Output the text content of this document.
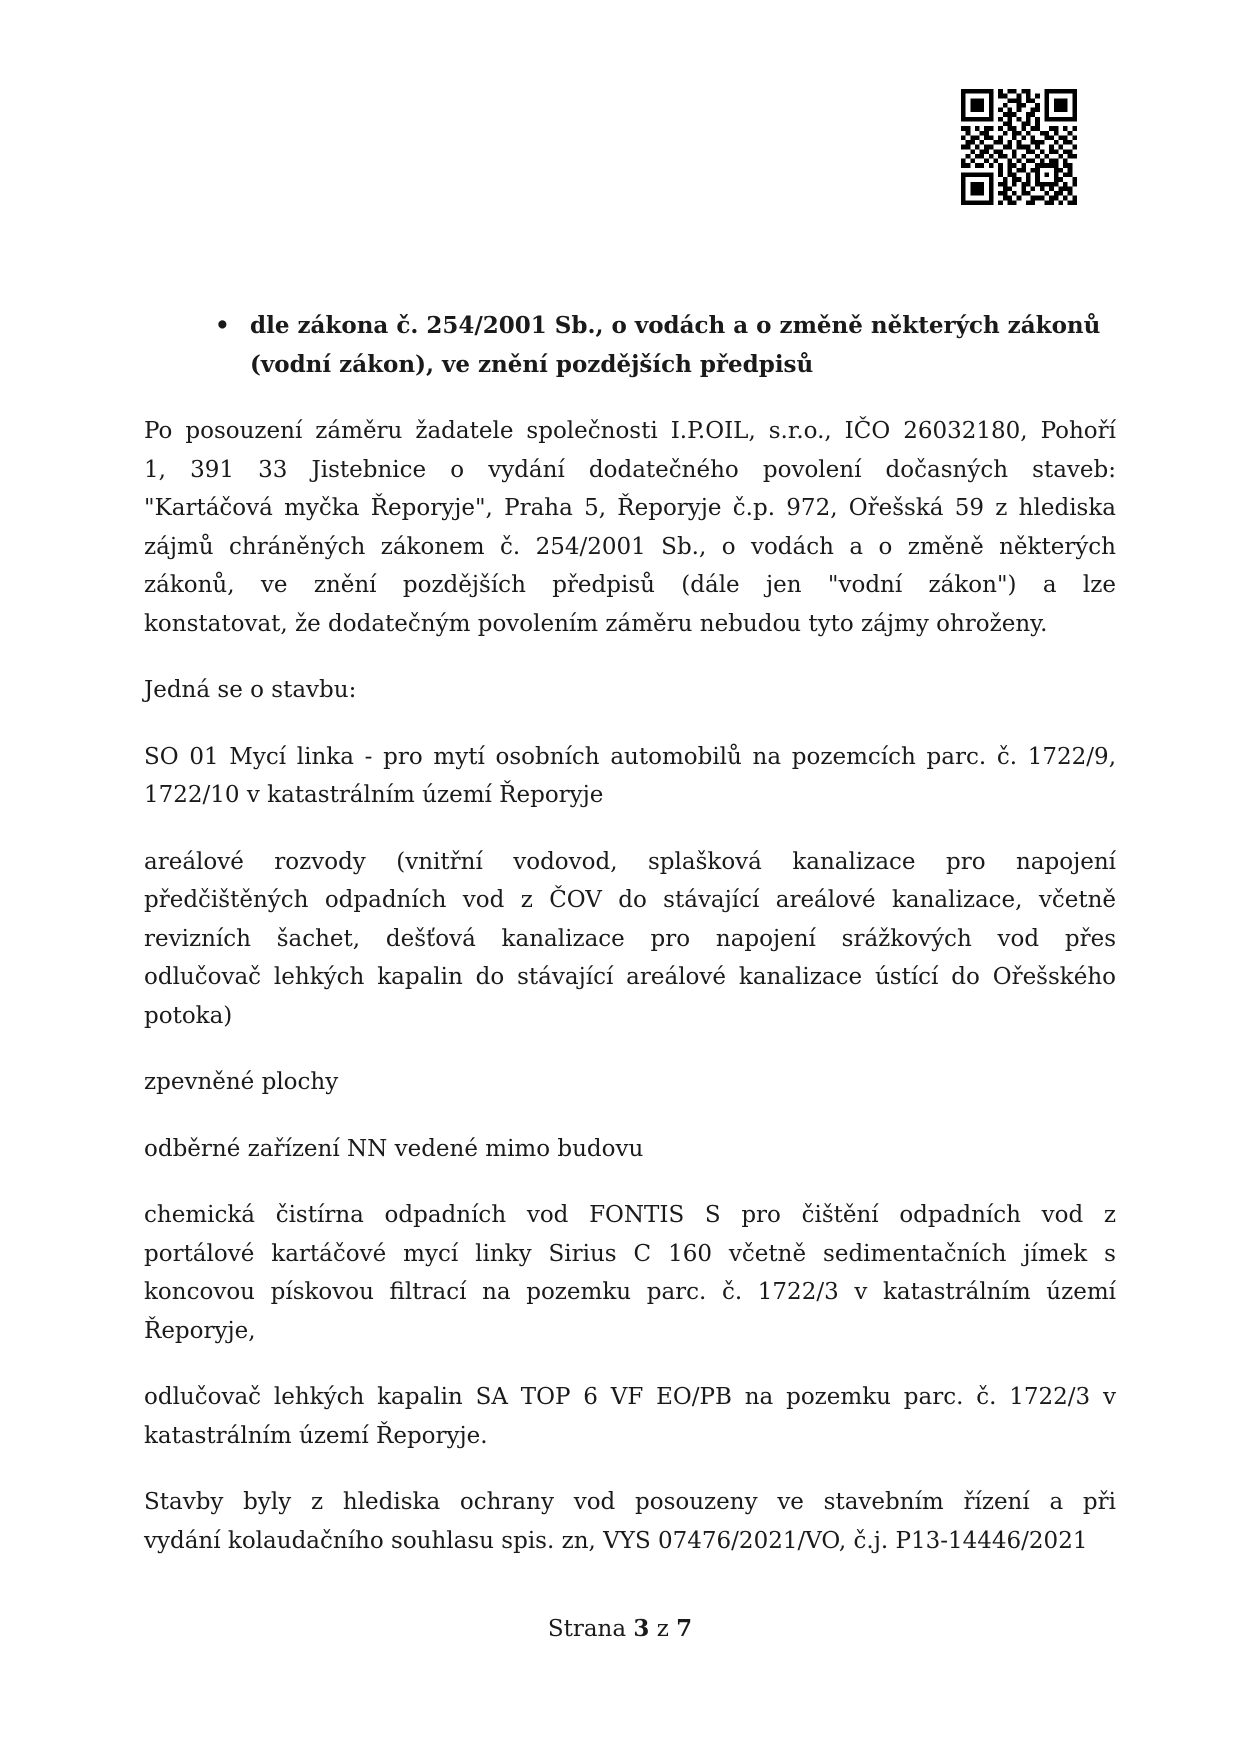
• dle zákona č. 254/2001 Sb., o vodách a o změně některých zákonů
(vodní zákon), ve znění pozdějších předpisů
Po posouzení záměru žadatele společnosti I.P.OIL, s.r.o., IČO 26032180, Pohoří
1, 391 33 Jistebnice o vydání dodatečného povolení dočasných staveb:
"Kartáčová myčka Řeporyje", Praha 5, Řeporyje č.p. 972, Ořešská 59 z hlediska
zájmů chráněných zákonem č. 254/2001 Sb., o vodách a o změně některých
zákonů, ve znění pozdějších předpisů (dále jen "vodní zákon") a lze
konstatovat, že dodatečným povolením záměru nebudou tyto zájmy ohroženy.
Jedná se o stavbu:
SO 01 Mycí linka - pro mytí osobních automobilů na pozemcích parc. č. 1722/9,
1722/10 v katastrálním území Řeporyje
areálové rozvody (vnitřní vodovod, splašková kanalizace pro napojení
předčištěných odpadních vod z ČOV do stávající areálové kanalizace, včetně
revizních šachet, dešťová kanalizace pro napojení srážkových vod přes
odlučovač lehkých kapalin do stávající areálové kanalizace ústící do Ořešského
potoka)
zpevněné plochy
odběrné zařízení NN vedené mimo budovu
chemická čistírna odpadních vod FONTIS S pro čištění odpadních vod z
portálové kartáčové mycí linky Sirius C 160 včetně sedimentačních jímek s
koncovou pískovou filtrací na pozemku parc. č. 1722/3 v katastrálním území
Řeporyje,
odlučovač lehkých kapalin SA TOP 6 VF EO/PB na pozemku parc. č. 1722/3 v
katastrálním území Řeporyje.
Stavby byly z hlediska ochrany vod posouzeny ve stavebním řízení a při
vydání kolaudačního souhlasu spis. zn, VYS 07476/2021/VO, č.j. P13-14446/2021
Strana 3 z 7
